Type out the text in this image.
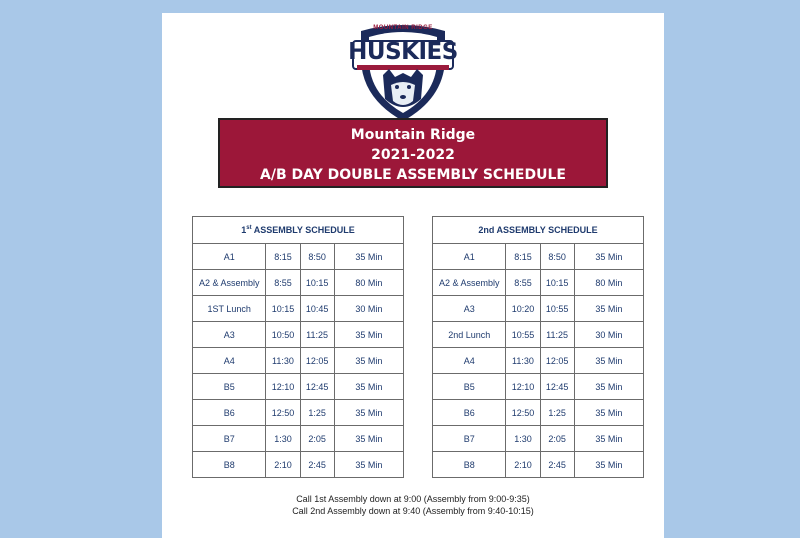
MOUNTAIN RIDGE
HUSKIES
Mountain Ridge
2021-2022
A/B DAY DOUBLE ASSEMBLY SCHEDULE
1st ASSEMBLY SCHEDULE			
A1	8:15	8:50	35 Min
A2 & Assembly	8:55	10:15	80 Min
1ST Lunch	10:15	10:45	30 Min
A3	10:50	11:25	35 Min
A4	11:30	12:05	35 Min
B5	12:10	12:45	35 Min
B6	12:50	1:25	35 Min
B7	1:30	2:05	35 Min
B8	2:10	2:45	35 Min
2nd ASSEMBLY SCHEDULE			
A1	8:15	8:50	35 Min
A2 & Assembly	8:55	10:15	80 Min
A3	10:20	10:55	35 Min
2nd Lunch	10:55	11:25	30 Min
A4	11:30	12:05	35 Min
B5	12:10	12:45	35 Min
B6	12:50	1:25	35 Min
B7	1:30	2:05	35 Min
B8	2:10	2:45	35 Min
Call 1st Assembly down at 9:00 (Assembly from 9:00-9:35)
Call 2nd Assembly down at 9:40 (Assembly from 9:40-10:15)
